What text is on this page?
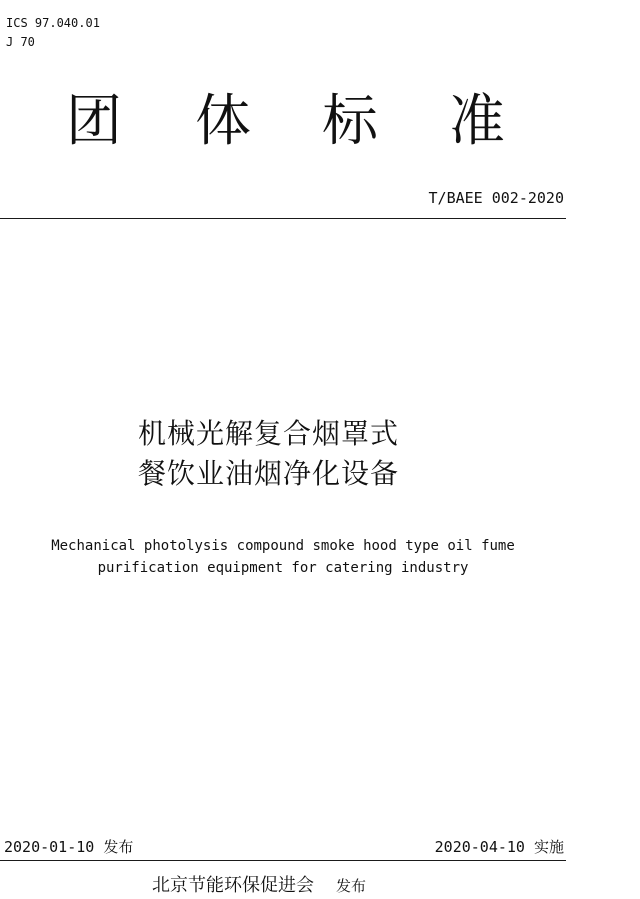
ICS 97.040.01
J 70
团 体 标 准
T/BAEE 002-2020
机械光解复合烟罩式
餐饮业油烟净化设备
Mechanical photolysis compound smoke hood type oil fume
purification equipment for catering industry
2020-01-10 发布	2020-04-10 实施
北京节能环保促进会 发布
